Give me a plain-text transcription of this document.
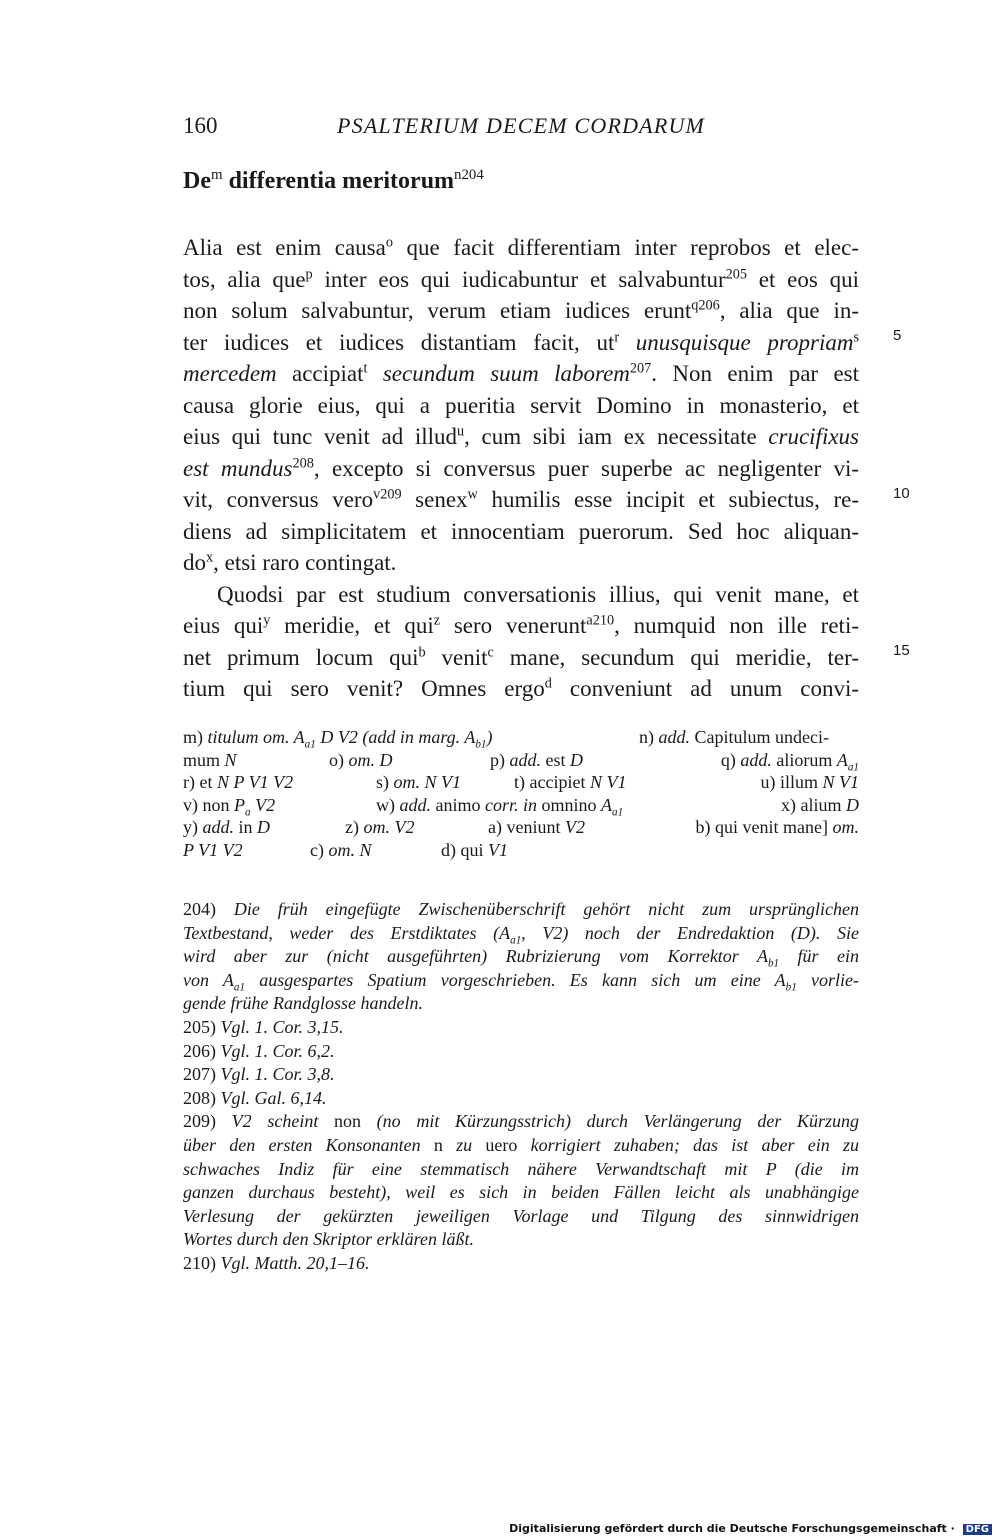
160	PSALTERIUM DECEM CORDARUM
De$^m$ differentia meritorum$^{n204}$
Alia est enim causa$^o$ que facit differentiam inter reprobos et elec-
tos, alia que$^p$ inter eos qui iudicabuntur et salvabuntur$^{205}$ et eos qui
non solum salvabuntur, verum etiam iudices erunt$^{q206}$, alia que in-
ter iudices et iudices distantiam facit, $ut^r$ unusquisque propriam$^s$
mercedem accipiat$^t$ secundum suum laborem$^{207}$. Non enim par est
causa glorie eius, qui a pueritia servit Domino in monasterio, et
eius qui tunc venit ad illud$^u$, cum sibi iam ex necessitate crucifixus
est mundus$^{208}$, excepto si conversus puer superbe ac negligenter vi-
vit, conversus vero$^{v209}$ senex$^w$ humilis esse incipit et subiectus, re-
diens ad simplicitatem et innocentiam puerorum. Sed hoc aliquan-
$do^x$, etsi raro contingat.
Quodsi par est studium conversationis illius, qui venit mane, et
eius qui$^y$ meridie, et qui$^z$ sero venerunt$^{a210}$, numquid non ille reti-
net primum locum qui$^b$ venit$^c$ mane, secundum qui meridie, ter-
tium qui sero venit? Omnes ergo$^d$ conveniunt ad unum convi-
5
10
15
m) titulum om. $A_{a1}$ D V2 (add in marg. $A_{b1}$)	n) add. Capitulum undeci-
mum N	o) om. D	p) add. est D	q) add. aliorum $A_{a1}$
r) et N P V1 V2	s) om. N V1	t) accipiet N V1	u) illum N V1
v) non $P_a$ V2	w) add. animo corr. in omnino $A_{a1}$	x) alium D
y) add. in D	z) om. V2	a) veniunt V2	b) qui venit mane] om.
P V1 V2	c) om. N	d) qui V1
204) Die früh eingefügte Zwischenüberschrift gehört nicht zum ursprünglichen
Textbestand, weder des Erstdiktates ($A_{a1}$, V2) noch der Endredaktion (D). Sie
wird aber zur (nicht ausgeführten) Rubrizierung vom Korrektor $A_{b1}$ für ein
von $A_{a1}$ ausgespartes Spatium vorgeschrieben. Es kann sich um eine $A_{b1}$ vorlie-
gende frühe Randglosse handeln.
205) Vgl. 1. Cor. 3,15.
206) Vgl. 1. Cor. 6,2.
207) Vgl. 1. Cor. 3,8.
208) Vgl. Gal. 6,14.
209) V2 scheint non (no mit Kürzungsstrich) durch Verlängerung der Kürzung
über den ersten Konsonanten n zu uero korrigiert zuhaben; das ist aber ein zu
schwaches Indiz für eine stemmatisch nähere Verwandtschaft mit P (die im
ganzen durchaus besteht), weil es sich in beiden Fällen leicht als unabhängige
Verlesung der gekürzten jeweiligen Vorlage und Tilgung des sinnwidrigen
Wortes durch den Skriptor erklären läßt.
210) Vgl. Matth. 20,1–16.
Digitalisierung gefördert durch die Deutsche Forschungsgemeinschaft · DFG
